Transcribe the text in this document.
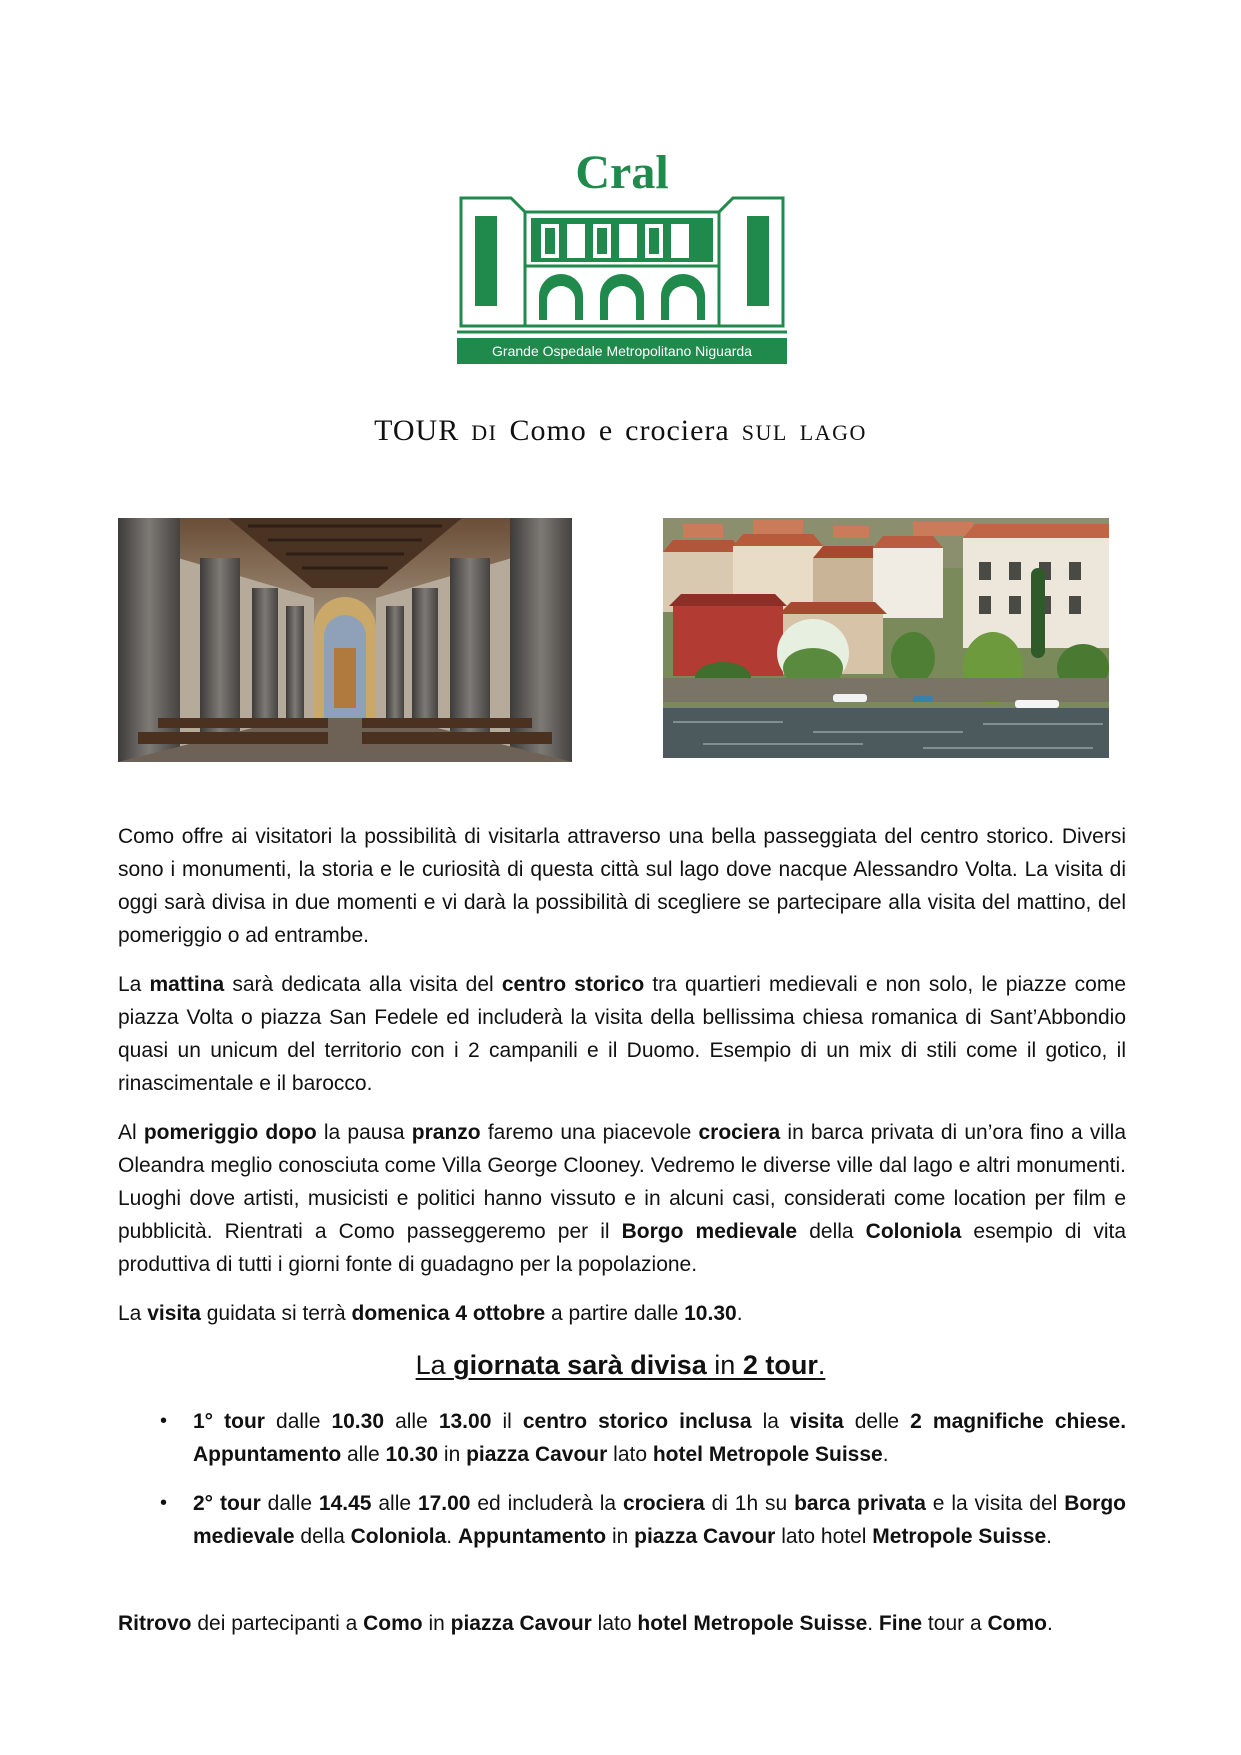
Cral
Grande Ospedale Metropolitano Niguarda
TOUR DI Como e crociera SUL LAGO

Como offre ai visitatori la possibilità di visitarla attraverso una bella passeggiata del centro storico. Diversi sono i monumenti, la storia e le curiosità di questa città sul lago dove nacque Alessandro Volta. La visita di oggi sarà divisa in due momenti e vi darà la possibilità di scegliere se partecipare alla visita del mattino, del pomeriggio o ad entrambe.

La mattina sarà dedicata alla visita del centro storico tra quartieri medievali e non solo, le piazze come piazza Volta o piazza San Fedele ed includerà la visita della bellissima chiesa romanica di Sant’Abbondio quasi un unicum del territorio con i 2 campanili e il Duomo. Esempio di un mix di stili come il gotico, il rinascimentale e il barocco.

Al pomeriggio dopo la pausa pranzo faremo una piacevole crociera in barca privata di un’ora fino a villa Oleandra meglio conosciuta come Villa George Clooney. Vedremo le diverse ville dal lago e altri monumenti. Luoghi dove artisti, musicisti e politici hanno vissuto e in alcuni casi, considerati come location per film e pubblicità. Rientrati a Como passeggeremo per il Borgo medievale della Coloniola esempio di vita produttiva di tutti i giorni fonte di guadagno per la popolazione.

La visita guidata si terrà domenica 4 ottobre a partire dalle 10.30.

La giornata sarà divisa in 2 tour.
• 1° tour dalle 10.30 alle 13.00 il centro storico inclusa la visita delle 2 magnifiche chiese. Appuntamento alle 10.30 in piazza Cavour lato hotel Metropole Suisse.
• 2° tour dalle 14.45 alle 17.00 ed includerà la crociera di 1h su barca privata e la visita del Borgo medievale della Coloniola. Appuntamento in piazza Cavour lato hotel Metropole Suisse.
Ritrovo dei partecipanti a Como in piazza Cavour lato hotel Metropole Suisse. Fine tour a Como.
